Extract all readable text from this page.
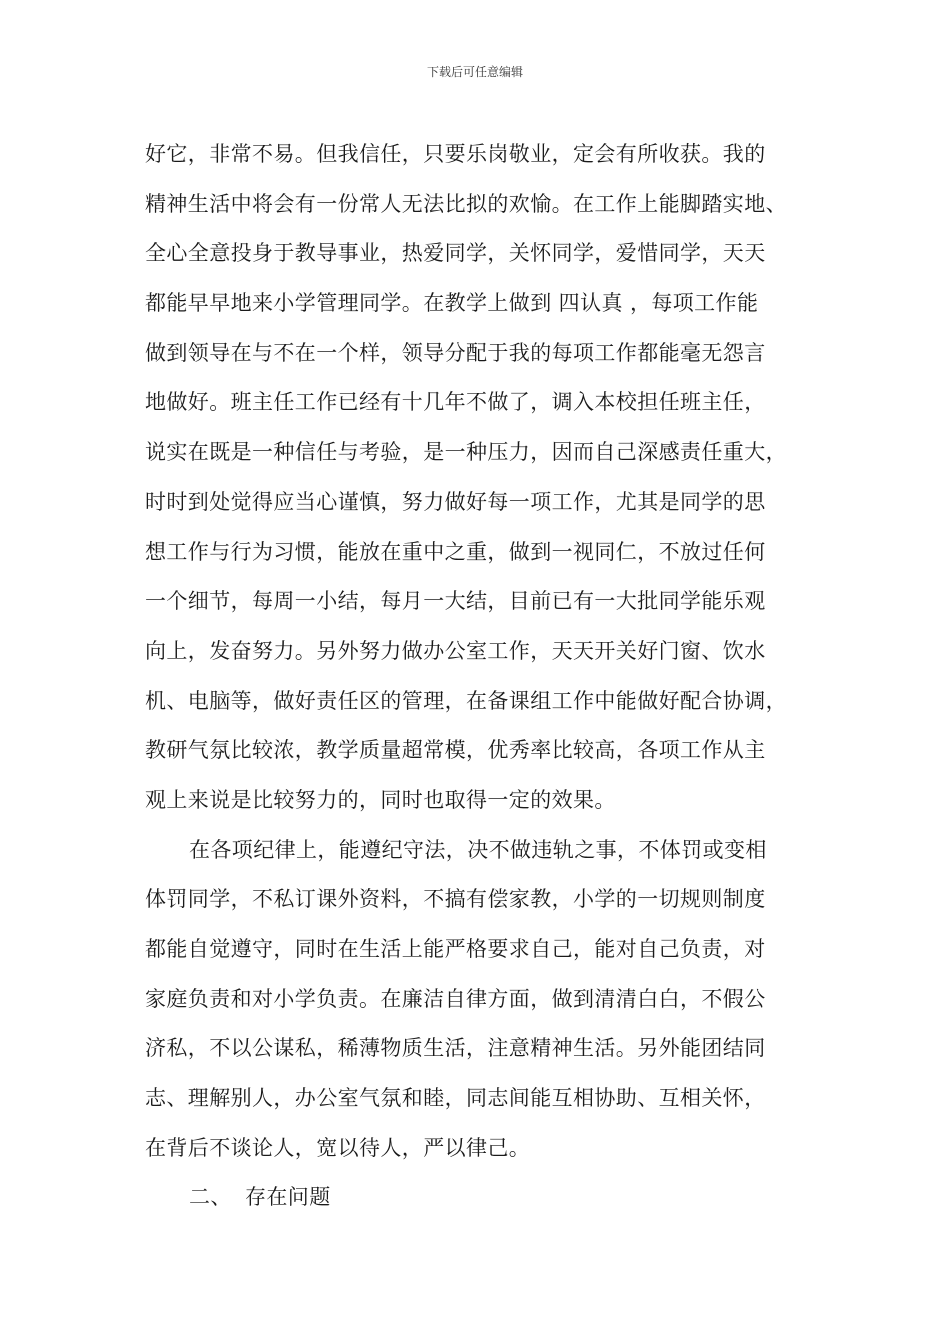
下载后可任意编辑
好它，非常不易。但我信任，只要乐岗敬业，定会有所收获。我的
精神生活中将会有一份常人无法比拟的欢愉。在工作上能脚踏实地、
全心全意投身于教导事业，热爱同学，关怀同学，爱惜同学，天天
都能早早地来小学管理同学。在教学上做到 四认真 ，每项工作能
做到领导在与不在一个样，领导分配于我的每项工作都能毫无怨言
地做好。班主任工作已经有十几年不做了，调入本校担任班主任，
说实在既是一种信任与考验，是一种压力，因而自己深感责任重大，
时时到处觉得应当心谨慎，努力做好每一项工作，尤其是同学的思
想工作与行为习惯，能放在重中之重，做到一视同仁，不放过任何
一个细节，每周一小结，每月一大结，目前已有一大批同学能乐观
向上，发奋努力。另外努力做办公室工作，天天开关好门窗、饮水
机、电脑等，做好责任区的管理，在备课组工作中能做好配合协调，
教研气氛比较浓，教学质量超常模，优秀率比较高，各项工作从主
观上来说是比较努力的，同时也取得一定的效果。
在各项纪律上，能遵纪守法，决不做违轨之事，不体罚或变相
体罚同学，不私订课外资料，不搞有偿家教，小学的一切规则制度
都能自觉遵守，同时在生活上能严格要求自己，能对自己负责，对
家庭负责和对小学负责。在廉洁自律方面，做到清清白白，不假公
济私，不以公谋私，稀薄物质生活，注意精神生活。另外能团结同
志、理解别人，办公室气氛和睦，同志间能互相协助、互相关怀，
在背后不谈论人，宽以待人，严以律己。
二、 存在问题
